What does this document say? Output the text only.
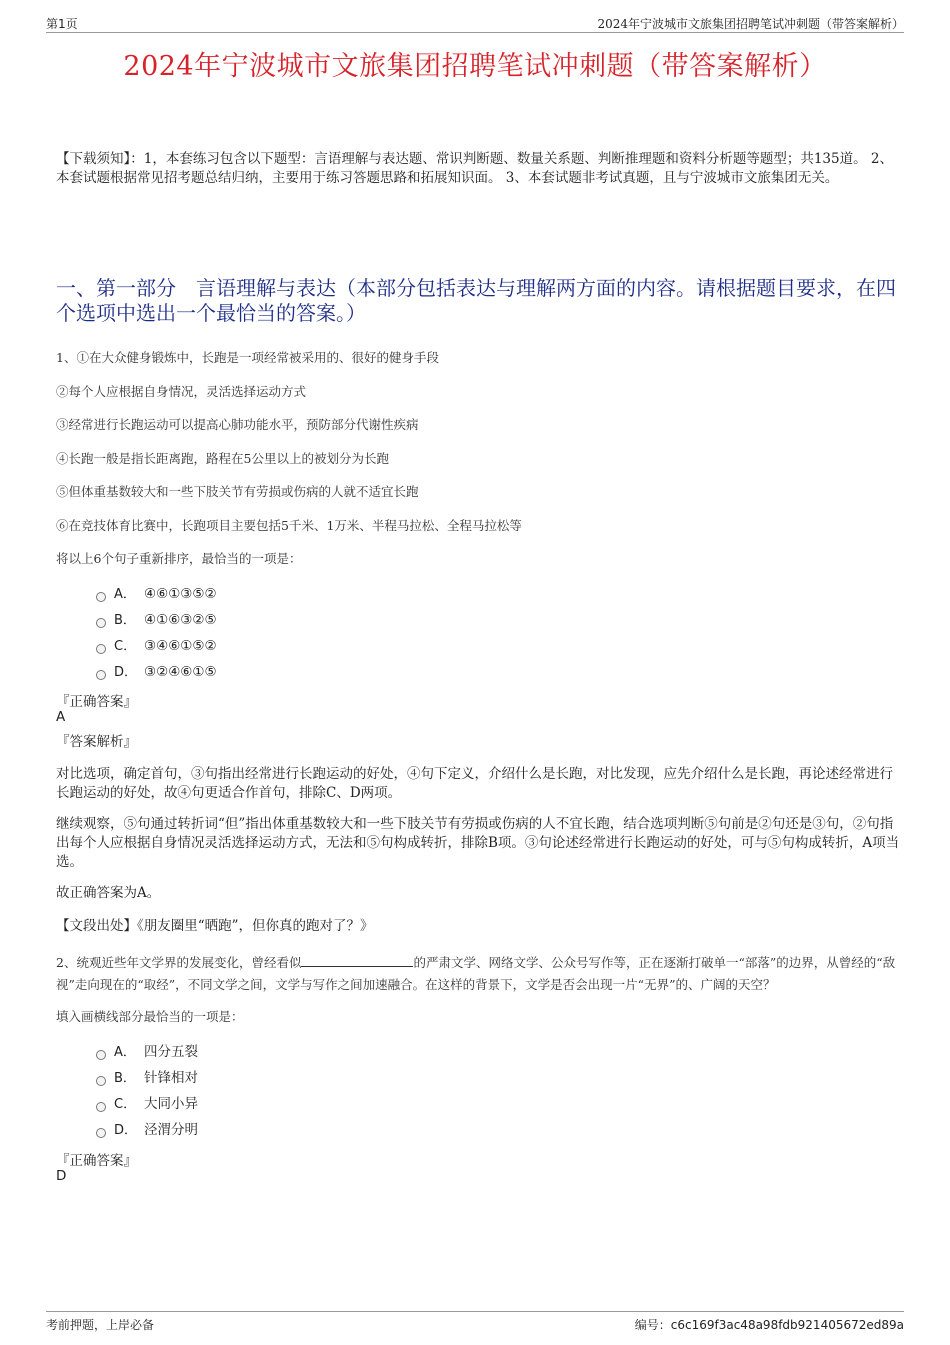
第1页	2024年宁波城市文旅集团招聘笔试冲刺题（带答案解析）
2024年宁波城市文旅集团招聘笔试冲刺题（带答案解析）
【下载须知】：1，本套练习包含以下题型：言语理解与表达题、常识判断题、数量关系题、判断推理题和资料分析题等题型；共135道。 2、本套试题根据常见招考题总结归纳，主要用于练习答题思路和拓展知识面。 3、本套试题非考试真题，且与宁波城市文旅集团无关。
一、第一部分　言语理解与表达（本部分包括表达与理解两方面的内容。请根据题目要求，在四个选项中选出一个最恰当的答案。）
1、①在大众健身锻炼中，长跑是一项经常被采用的、很好的健身手段
②每个人应根据自身情况，灵活选择运动方式
③经常进行长跑运动可以提高心肺功能水平，预防部分代谢性疾病
④长跑一般是指长距离跑，路程在5公里以上的被划分为长跑
⑤但体重基数较大和一些下肢关节有劳损或伤病的人就不适宜长跑
⑥在竞技体育比赛中，长跑项目主要包括5千米、1万米、半程马拉松、全程马拉松等
将以上6个句子重新排序，最恰当的一项是：
A． ④⑥①③⑤②
B． ④①⑥③②⑤
C． ③④⑥①⑤②
D． ③②④⑥①⑤
『正确答案』
A
『答案解析』
对比选项，确定首句，③句指出经常进行长跑运动的好处，④句下定义，介绍什么是长跑，对比发现，应先介绍什么是长跑，再论述经常进行长跑运动的好处，故④句更适合作首句，排除C、D两项。
继续观察，⑤句通过转折词“但”指出体重基数较大和一些下肢关节有劳损或伤病的人不宜长跑，结合选项判断⑤句前是②句还是③句，②句指出每个人应根据自身情况灵活选择运动方式，无法和⑤句构成转折，排除B项。③句论述经常进行长跑运动的好处，可与⑤句构成转折，A项当选。
故正确答案为A。
【文段出处】《朋友圈里“晒跑”，但你真的跑对了？》
2、统观近些年文学界的发展变化，曾经看似	的严肃文学、网络文学、公众号写作等，正在逐渐打破单一“部落”的边界，从曾经的“敌视”走向现在的“取经”，不同文学之间，文学与写作之间加速融合。在这样的背景下，文学是否会出现一片“无界”的、广阔的天空？
填入画横线部分最恰当的一项是：
A． 四分五裂
B． 针锋相对
C． 大同小异
D． 泾渭分明
『正确答案』
D
考前押题，上岸必备	编号：c6c169f3ac48a98fdb921405672ed89a
